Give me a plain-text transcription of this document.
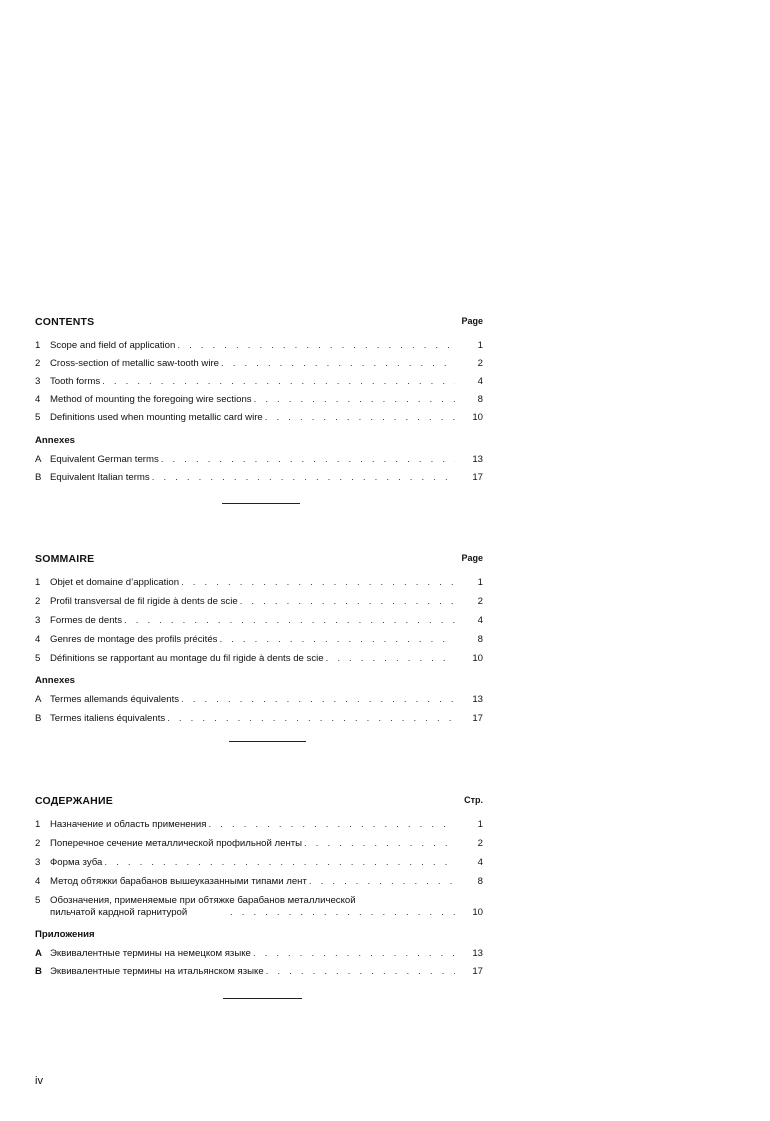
CONTENTS	Page
1	Scope and field of application . . .	1
2	Cross-section of metallic saw-tooth wire . . .	2
3	Tooth forms . . .	4
4	Method of mounting the foregoing wire sections . . .	8
5	Definitions used when mounting metallic card wire . . .	10
Annexes
A Equivalent German terms . . .	13
B Equivalent Italian terms . . .	17
SOMMAIRE	Page
1	Objet et domaine d’application . . .	1
2	Profil transversal de fil rigide à dents de scie . . .	2
3	Formes de dents . . .	4
4	Genres de montage des profils précités . . .	8
5	Définitions se rapportant au montage du fil rigide à dents de scie . . .	10
Annexes
A Termes allemands équivalents . . .	13
B Termes italiens équivalents . . .	17
СОДЕРЖАНИЕ	Стр.
1	Назначение и область применения . . .	1
2	Поперечное сечение металлической профильной ленты . . .	2
3	Форма зуба . . .	4
4	Метод обтяжки барабанов вышеуказанными типами лент . . .	8
5	Обозначения, применяемые при обтяжке барабанов металлической пильчатой кардной гарнитурой . . .	10
Приложения
A Эквивалентные термины на немецком языке . . .	13
B Эквивалентные термины на итальянском языке . . .	17
iv
